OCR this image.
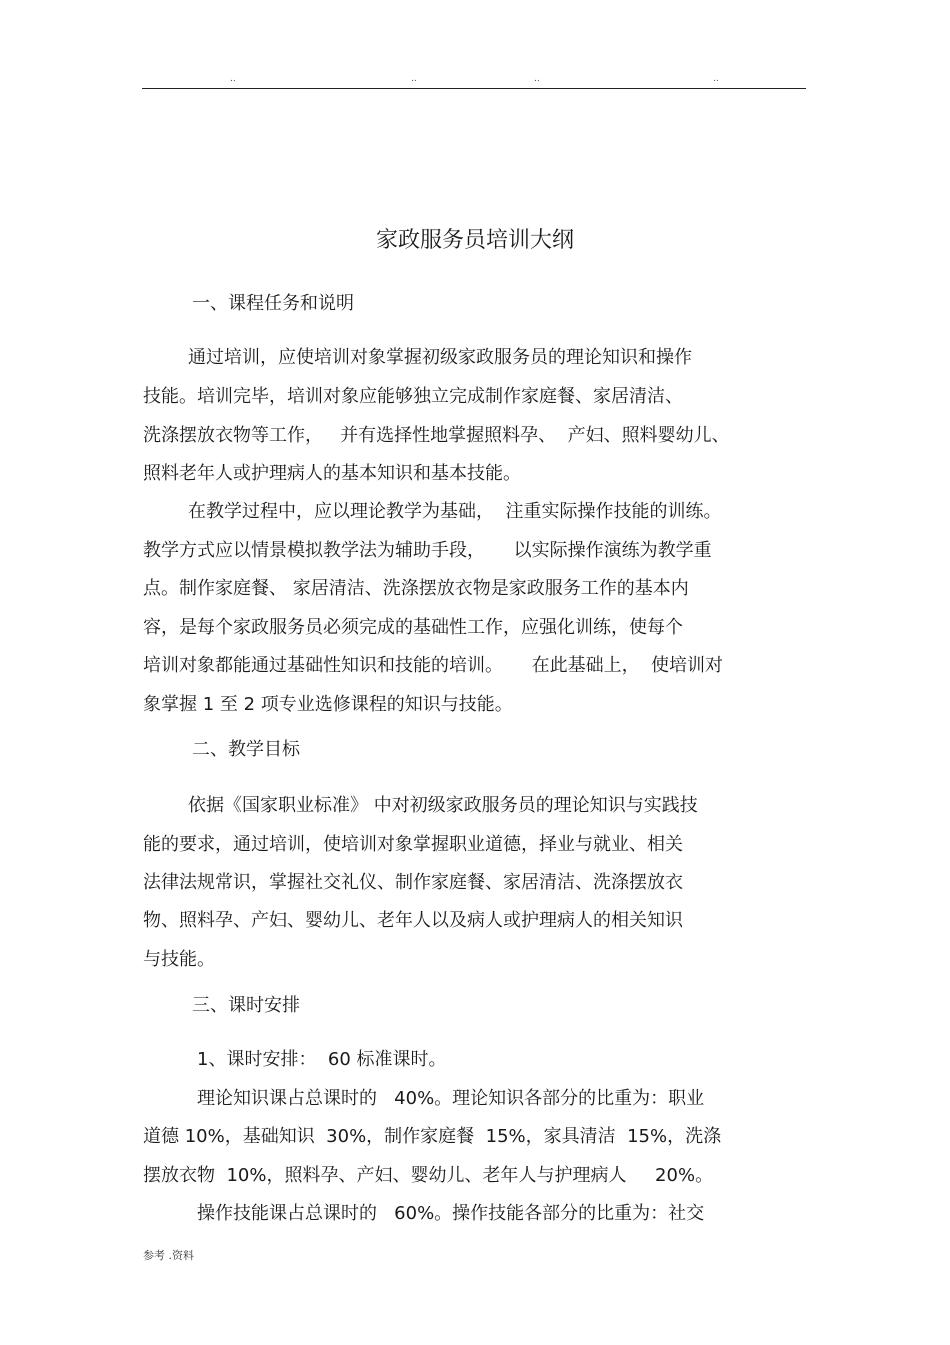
..	..	..	..
家政服务员培训大纲
一、课程任务和说明
通过培训，应使培训对象掌握初级家政服务员的理论知识和操作
技能。培训完毕，培训对象应能够独立完成制作家庭餐、家居清洁、
洗涤摆放衣物等工作，   并有选择性地掌握照料孕、  产妇、照料婴幼儿、
照料老年人或护理病人的基本知识和基本技能。
在教学过程中，应以理论教学为基础，  注重实际操作技能的训练。
教学方式应以情景模拟教学法为辅助手段，     以实际操作演练为教学重
点。制作家庭餐、 家居清洁、洗涤摆放衣物是家政服务工作的基本内
容，是每个家政服务员必须完成的基础性工作，应强化训练，使每个
培训对象都能通过基础性知识和技能的培训。     在此基础上，  使培训对
象掌握 1 至 2 项专业选修课程的知识与技能。
二、教学目标
依据《国家职业标准》 中对初级家政服务员的理论知识与实践技
能的要求，通过培训，使培训对象掌握职业道德，择业与就业、相关
法律法规常识，掌握社交礼仪、制作家庭餐、家居清洁、洗涤摆放衣
物、照料孕、产妇、婴幼儿、老年人以及病人或护理病人的相关知识
与技能。
三、课时安排
1、课时安排：  60 标准课时。
理论知识课占总课时的   40%。理论知识各部分的比重为：职业
道德 10%，基础知识  30%，制作家庭餐  15%，家具清洁  15%，洗涤
摆放衣物  10%，照料孕、产妇、婴幼儿、老年人与护理病人     20%。
操作技能课占总课时的   60%。操作技能各部分的比重为：社交
参考 .资料
